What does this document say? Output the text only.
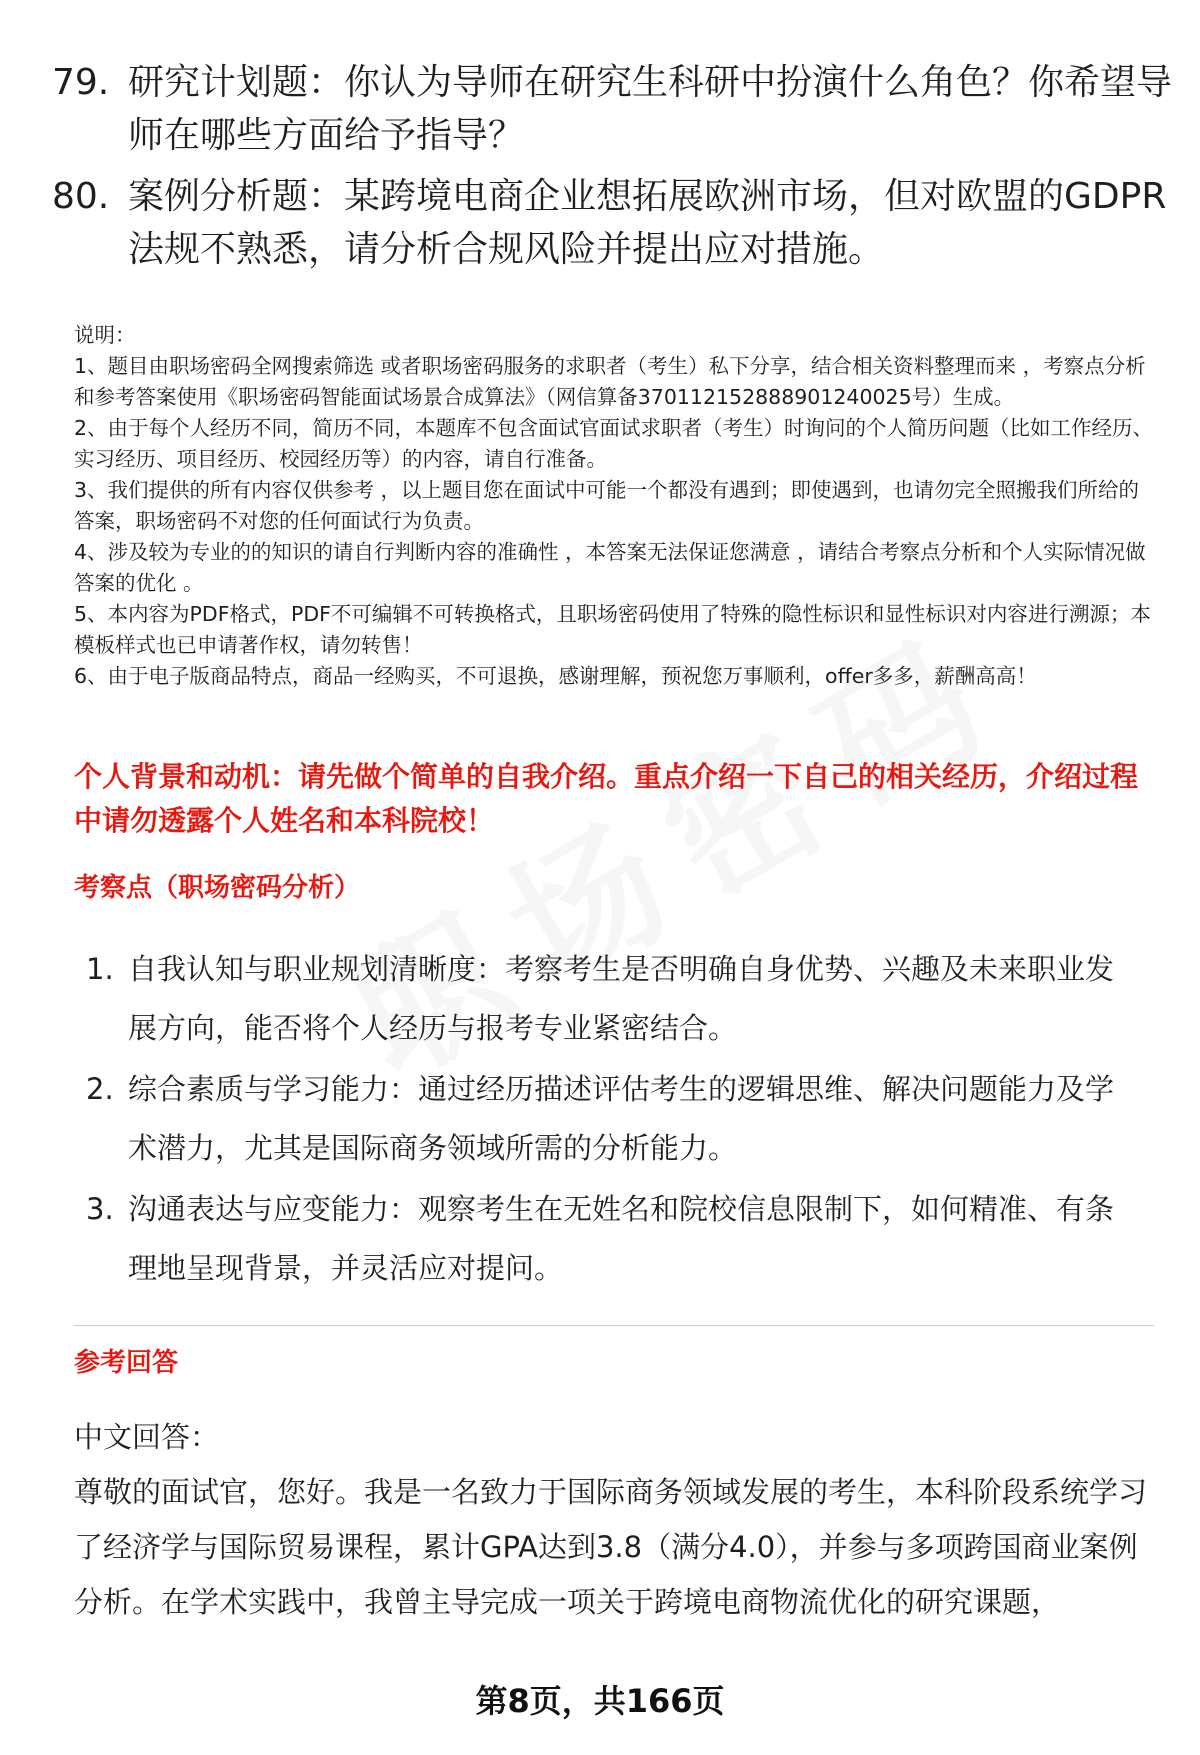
79. 研究计划题：你认为导师在研究生科研中扮演什么角色？你希望导师在哪些方面给予指导？
80. 案例分析题：某跨境电商企业想拓展欧洲市场，但对欧盟的GDPR法规不熟悉，请分析合规风险并提出应对措施。

说明：

1、题目由职场密码全网搜索筛选 或者职场密码服务的求职者（考生）私下分享，结合相关资料整理而来 ，考察点分析和参考答案使用《职场密码智能面试场景合成算法》（网信算备370112152888901240025号）生成。

2、由于每个人经历不同，简历不同，本题库不包含面试官面试求职者（考生）时询问的个人简历问题（比如工作经历、实习经历、项目经历、校园经历等）的内容，请自行准备。

3、我们提供的所有内容仅供参考 ，以上题目您在面试中可能一个都没有遇到；即使遇到，也请勿完全照搬我们所给的答案，职场密码不对您的任何面试行为负责。

4、涉及较为专业的的知识的请自行判断内容的准确性 ，本答案无法保证您满意 ，请结合考察点分析和个人实际情况做答案的优化 。

5、本内容为PDF格式，PDF不可编辑不可转换格式，且职场密码使用了特殊的隐性标识和显性标识对内容进行溯源；本模板样式也已申请著作权，请勿转售！

6、由于电子版商品特点，商品一经购买，不可退换，感谢理解，预祝您万事顺利，offer多多，薪酬高高！

个人背景和动机：请先做个简单的自我介绍。重点介绍一下自己的相关经历，介绍过程中请勿透露个人姓名和本科院校！
考察点（职场密码分析）
1. 自我认知与职业规划清晰度：考察考生是否明确自身优势、兴趣及未来职业发展方向，能否将个人经历与报考专业紧密结合。
2. 综合素质与学习能力：通过经历描述评估考生的逻辑思维、解决问题能力及学术潜力，尤其是国际商务领域所需的分析能力。
3. 沟通表达与应变能力：观察考生在无姓名和院校信息限制下，如何精准、有条理地呈现背景，并灵活应对提问。
参考回答

中文回答：

尊敬的面试官，您好。我是一名致力于国际商务领域发展的考生，本科阶段系统学习了经济学与国际贸易课程，累计GPA达到3.8（满分4.0），并参与多项跨国商业案例分析。在学术实践中，我曾主导完成一项关于跨境电商物流优化的研究课题，

第8页，共166页
